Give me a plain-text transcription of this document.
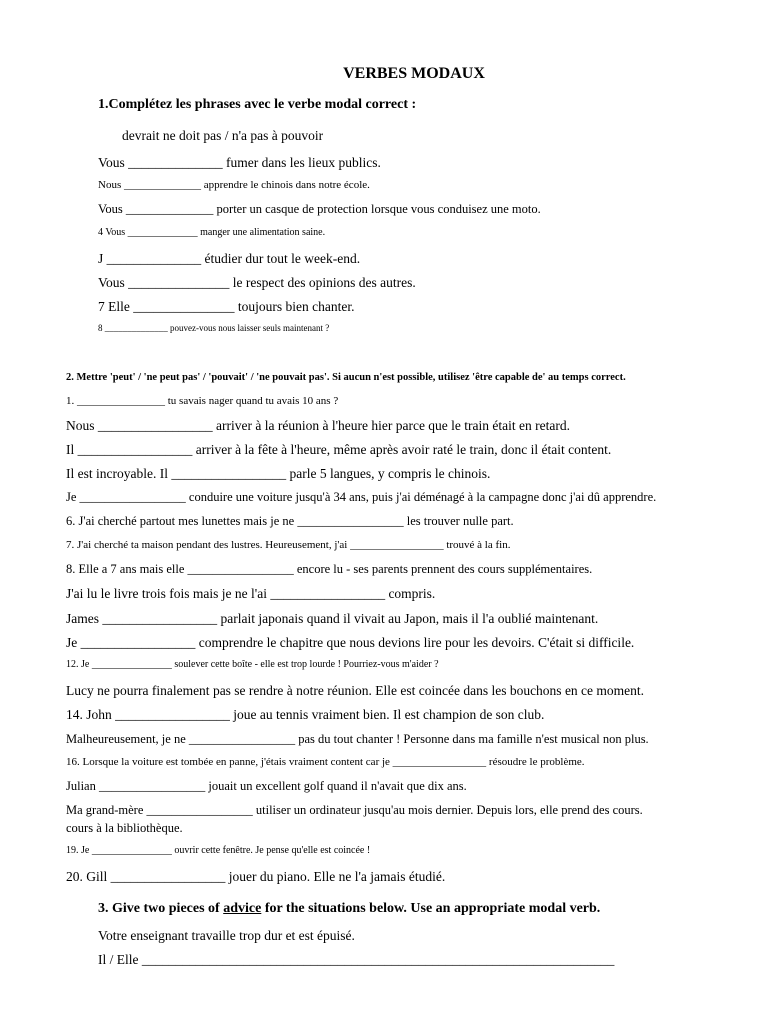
VERBES MODAUX
1.Complétez les phrases avec le verbe modal correct :
devrait ne doit pas / n'a pas à pouvoir
Vous ______________ fumer dans les lieux publics.
Nous ______________ apprendre le chinois dans notre école.
Vous ______________ porter un casque de protection lorsque vous conduisez une moto.
4 Vous ______________ manger une alimentation saine.
J ______________ étudier dur tout le week-end.
Vous _______________ le respect des opinions des autres.
7 Elle _______________ toujours bien chanter.
8 ______________ pouvez-vous nous laisser seuls maintenant ?
2. Mettre 'peut' / 'ne peut pas' / 'pouvait' / 'ne pouvait pas'. Si aucun n'est possible, utilisez 'être capable de' au temps correct.
1. ________________ tu savais nager quand tu avais 10 ans ?
Nous _________________ arriver à la réunion à l'heure hier parce que le train était en retard.
Il _________________ arriver à la fête à l'heure, même après avoir raté le train, donc il était content.
Il est incroyable. Il _________________ parle 5 langues, y compris le chinois.
Je _________________ conduire une voiture jusqu'à 34 ans, puis j'ai déménagé à la campagne donc j'ai dû apprendre.
6. J'ai cherché partout mes lunettes mais je ne _________________ les trouver nulle part.
7. J'ai cherché ta maison pendant des lustres. Heureusement, j'ai _________________ trouvé à la fin.
8. Elle a 7 ans mais elle _________________ encore lu - ses parents prennent des cours supplémentaires.
J'ai lu le livre trois fois mais je ne l'ai _________________ compris.
James _________________ parlait japonais quand il vivait au Japon, mais il l'a oublié maintenant.
Je _________________ comprendre le chapitre que nous devions lire pour les devoirs. C'était si difficile.
12. Je ________________ soulever cette boîte - elle est trop lourde ! Pourriez-vous m'aider ?
Lucy ne pourra finalement pas se rendre à notre réunion. Elle est coincée dans les bouchons en ce moment.
14. John _________________ joue au tennis vraiment bien. Il est champion de son club.
Malheureusement, je ne _________________ pas du tout chanter ! Personne dans ma famille n'est musical non plus.
16. Lorsque la voiture est tombée en panne, j'étais vraiment content car je _________________ résoudre le problème.
Julian _________________ jouait un excellent golf quand il n'avait que dix ans.
Ma grand-mère _________________ utiliser un ordinateur jusqu'au mois dernier. Depuis lors, elle prend des cours.
cours à la bibliothèque.
19. Je ________________ ouvrir cette fenêtre. Je pense qu'elle est coincée !
20. Gill _________________ jouer du piano. Elle ne l'a jamais étudié.
3. Give two pieces of advice for the situations below. Use an appropriate modal verb.
Votre enseignant travaille trop dur et est épuisé.
Il / Elle ______________________________________________________________________
